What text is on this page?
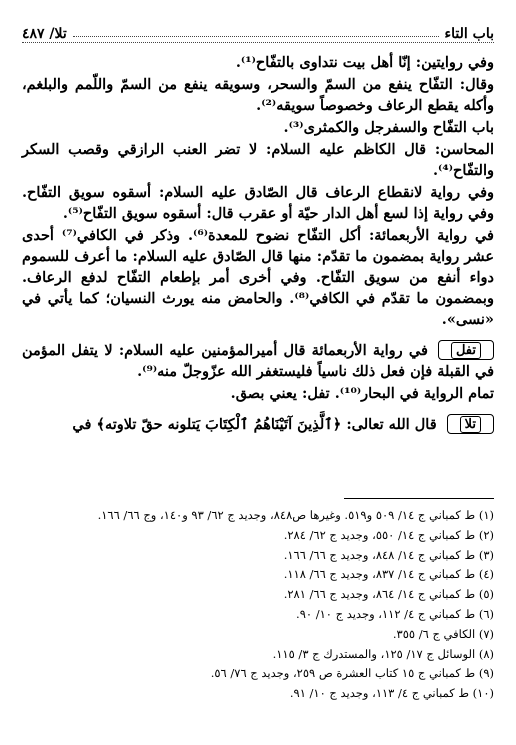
باب التاء
تلا/ ٤٨٧

وفي روايتين: إنّا أهل بيت نتداوى بالتفّاح⁽¹⁾.

وقال: التفّاح ينفع من السمّ والسحر، وسويقه ينفع من السمّ واللّمم والبلغم، وأكله يقطع الرعاف وخصوصاً سويقه⁽²⁾.

باب التفّاح والسفرجل والكمثرى⁽³⁾.

المحاسن: قال الكاظم عليه السلام: لا تضر العنب الرازقي وقصب السكر والتفّاح⁽⁴⁾.

وفي رواية لانقطاع الرعاف قال الصّادق عليه السلام: أسقوه سويق التفّاح. وفي رواية إذا لسع أهل الدار حيّة أو عقرب قال: أسقوه سويق التفّاح⁽⁵⁾.

في رواية الأربعمائة: أكل التفّاح نضوح للمعدة⁽⁶⁾. وذكر في الكافي⁽⁷⁾ أحدى عشر رواية بمضمون ما تقدّم: منها قال الصّادق عليه السلام: ما أعرف للسموم دواء أنفع من سويق التفّاح. وفي أخرى أمر بإطعام التفّاح لدفع الرعاف. وبمضمون ما تقدّم في الكافي⁽⁸⁾. والحامض منه يورث النسيان؛ كما يأتي في «نسى».

تفلفي رواية الأربعمائة قال أميرالمؤمنين عليه السلام: لا يتفل المؤمن في القبلة فإن فعل ذلك ناسياً فليستغفر الله عزّوجلّ منه⁽⁹⁾.

تمام الرواية في البحار⁽¹⁰⁾. تفل: يعني بصق.

تلاقال الله تعالى: ﴿ٱلَّذِينَ آتَيْنَاهُمُ ٱلْكِتَابَ يَتلونه حقّ تلاوته﴾ في

(١) ط كمباني ج ١٤/ ٥٠٩ و٥١٩. وغيرها ص٨٤٨، وجديد ج ٦٢/ ٩٣ و١٤٠، وج ٦٦/ ١٦٦.
(٢) ط كمباني ج ١٤/ ٥٥٠، وجديد ج ٦٢/ ٢٨٤.
(٣) ط كمباني ج ١٤/ ٨٤٨، وجديد ج ٦٦/ ١٦٦.
(٤) ط كمباني ج ١٤/ ٨٣٧، وجديد ج ٦٦/ ١١٨.
(٥) ط كمباني ج ١٤/ ٨٦٤، وجديد ج ٦٦/ ٢٨١.
(٦) ط كمباني ج ٤/ ١١٢، وجديد ج ١٠/ ٩٠.
(٧) الكافي ج ٦/ ٣٥٥.
(٨) الوسائل ج ١٧/ ١٢٥، والمستدرك ج ٣/ ١١٥.
(٩) ط كمباني ج ١٥ كتاب العشرة ص ٢٥٩، وجديد ج ٧٦/ ٥٦.
(١٠) ط كمباني ج ٤/ ١١٣، وجديد ج ١٠/ ٩١.
